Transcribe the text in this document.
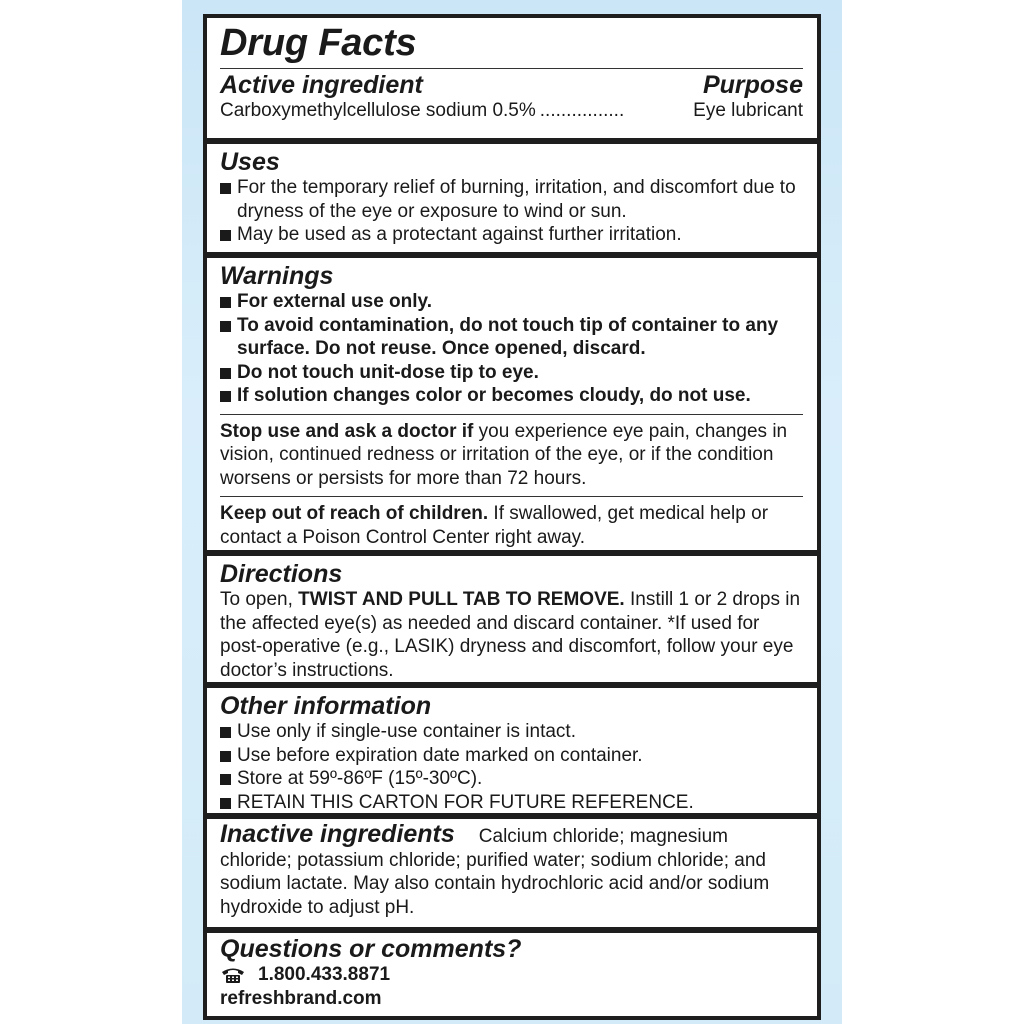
Drug Facts
Active ingredient	Purpose
Carboxymethylcellulose sodium 0.5% ................	Eye lubricant
Uses
For the temporary relief of burning, irritation, and discomfort due to dryness of the eye or exposure to wind or sun.
May be used as a protectant against further irritation.
Warnings
For external use only.
To avoid contamination, do not touch tip of container to any surface. Do not reuse. Once opened, discard.
Do not touch unit-dose tip to eye.
If solution changes color or becomes cloudy, do not use.
Stop use and ask a doctor if you experience eye pain, changes in vision, continued redness or irritation of the eye, or if the condition worsens or persists for more than 72 hours.
Keep out of reach of children. If swallowed, get medical help or contact a Poison Control Center right away.
Directions
To open, TWIST AND PULL TAB TO REMOVE. Instill 1 or 2 drops in the affected eye(s) as needed and discard container. *If used for post-operative (e.g., LASIK) dryness and discomfort, follow your eye doctor’s instructions.
Other information
Use only if single-use container is intact.
Use before expiration date marked on container.
Store at 59º-86ºF (15º-30ºC).
RETAIN THIS CARTON FOR FUTURE REFERENCE.
Inactive ingredients Calcium chloride; magnesium chloride; potassium chloride; purified water; sodium chloride; and sodium lactate. May also contain hydrochloric acid and/or sodium hydroxide to adjust pH.
Questions or comments?
1.800.433.8871
refreshbrand.com
